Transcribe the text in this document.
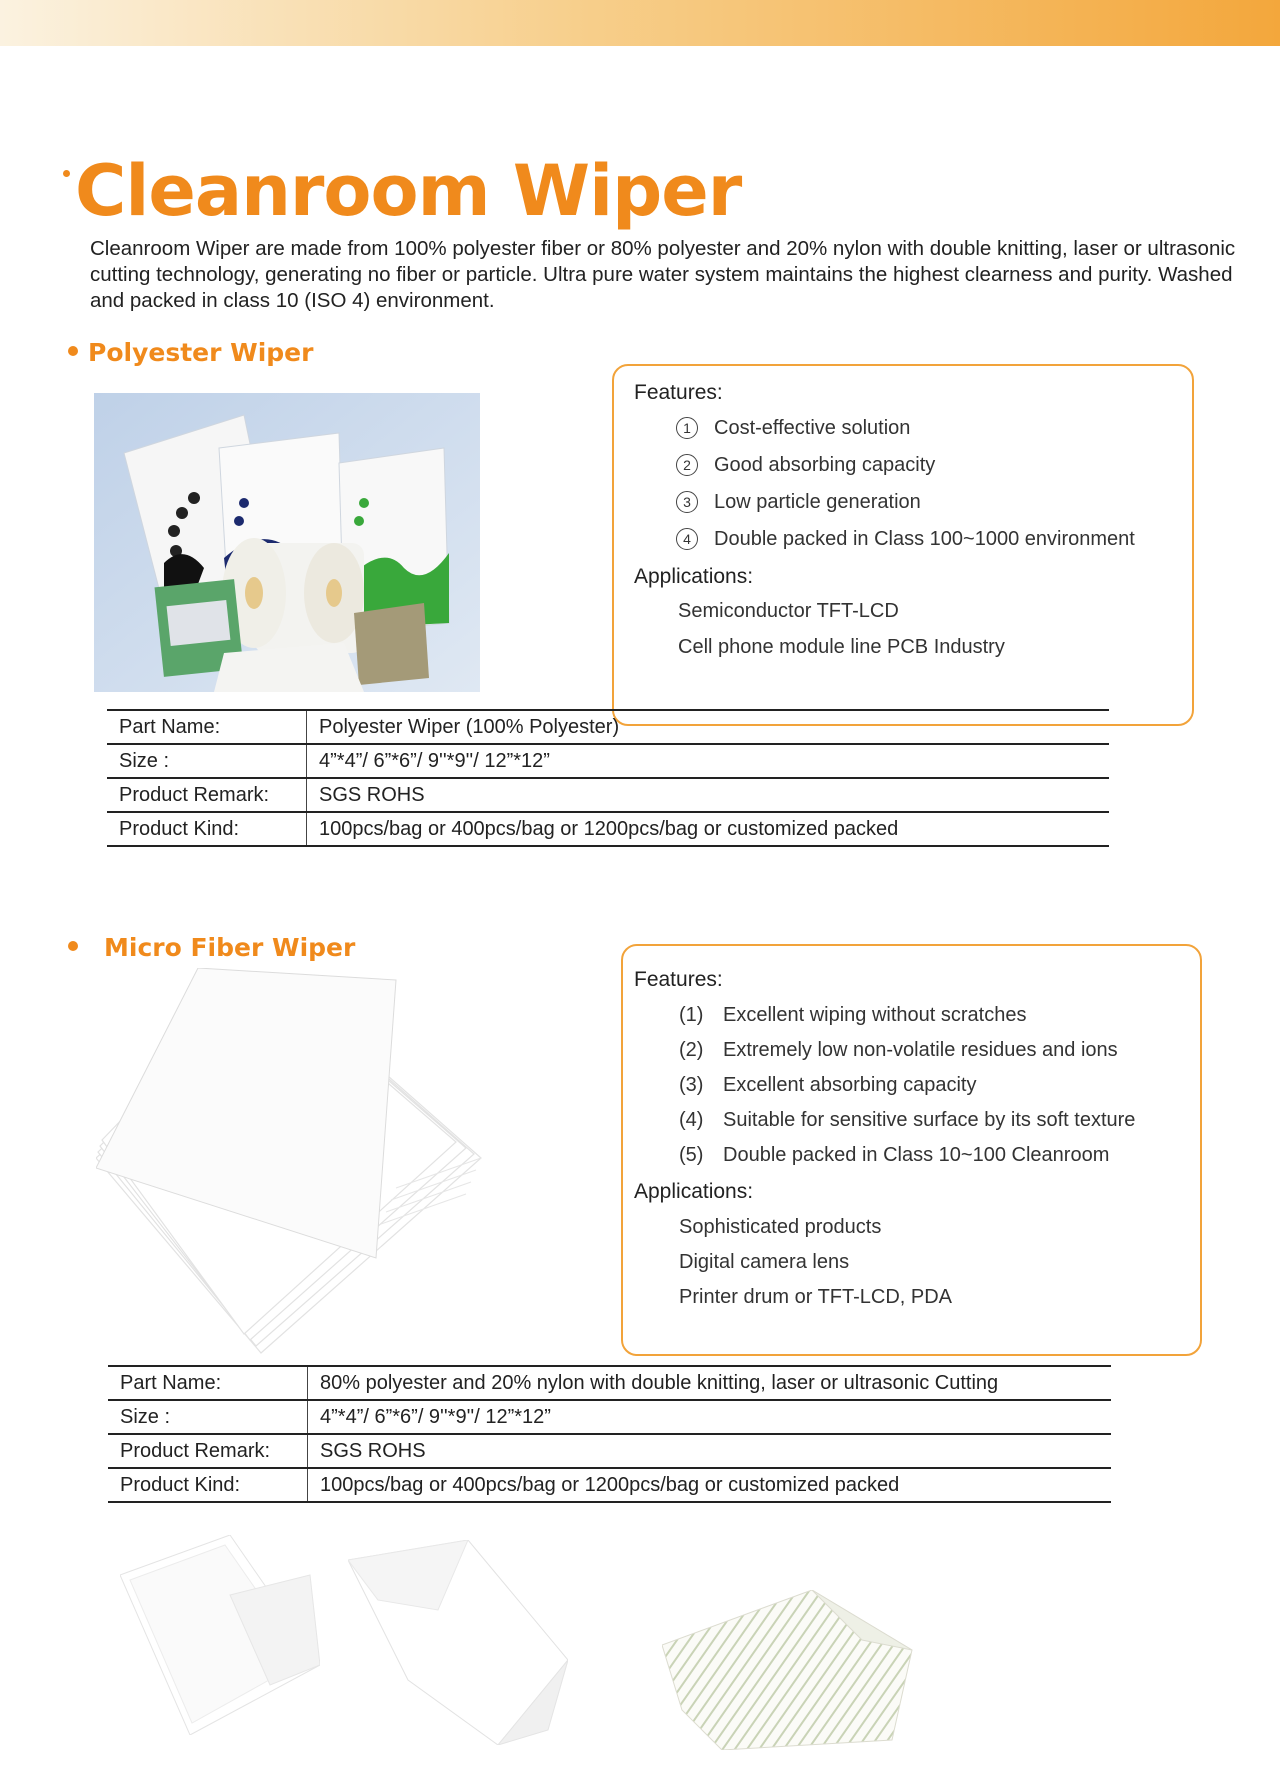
Cleanroom Wiper

Cleanroom Wiper are made from 100% polyester fiber or 80% polyester and 20% nylon with double knitting, laser or ultrasonic cutting technology, generating no fiber or particle. Ultra pure water system maintains the highest clearness and purity. Washed and packed in class 10 (ISO 4) environment.

Polyester Wiper
Features:
1 Cost-effective solution
2 Good absorbing capacity
3 Low particle generation
4 Double packed in Class 100~1000 environment
Applications:
Semiconductor TFT-LCD
Cell phone module line PCB Industry
Part Name:	Polyester Wiper (100% Polyester)
Size :	4”*4”/ 6”*6”/ 9''*9''/ 12”*12”
Product Remark:	SGS ROHS
Product Kind:	100pcs/bag or 400pcs/bag or 1200pcs/bag or customized packed
Micro Fiber Wiper
Features:
(1) Excellent wiping without scratches
(2) Extremely low non-volatile residues and ions
(3) Excellent absorbing capacity
(4) Suitable for sensitive surface by its soft texture
(5) Double packed in Class 10~100 Cleanroom
Applications:
Sophisticated products
Digital camera lens
Printer drum or TFT-LCD, PDA
Part Name:	80% polyester and 20% nylon with double knitting, laser or ultrasonic Cutting
Size :	4”*4”/ 6”*6”/ 9''*9''/ 12”*12”
Product Remark:	SGS ROHS
Product Kind:	100pcs/bag or 400pcs/bag or 1200pcs/bag or customized packed
